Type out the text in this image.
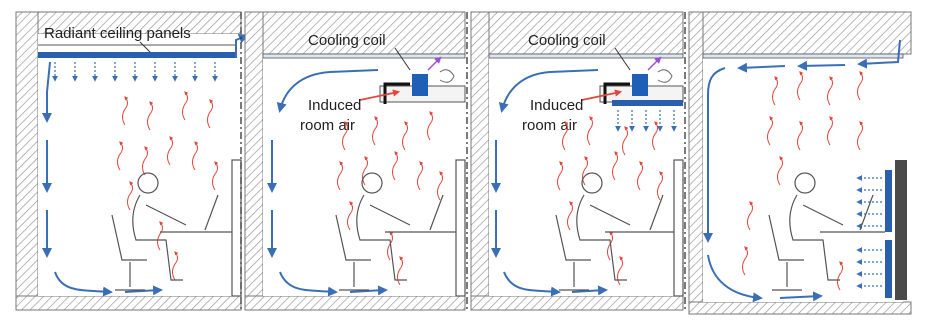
Radiant ceiling panels	Cooling coil
Induced
room air
Cooling coil
Induced
room air
